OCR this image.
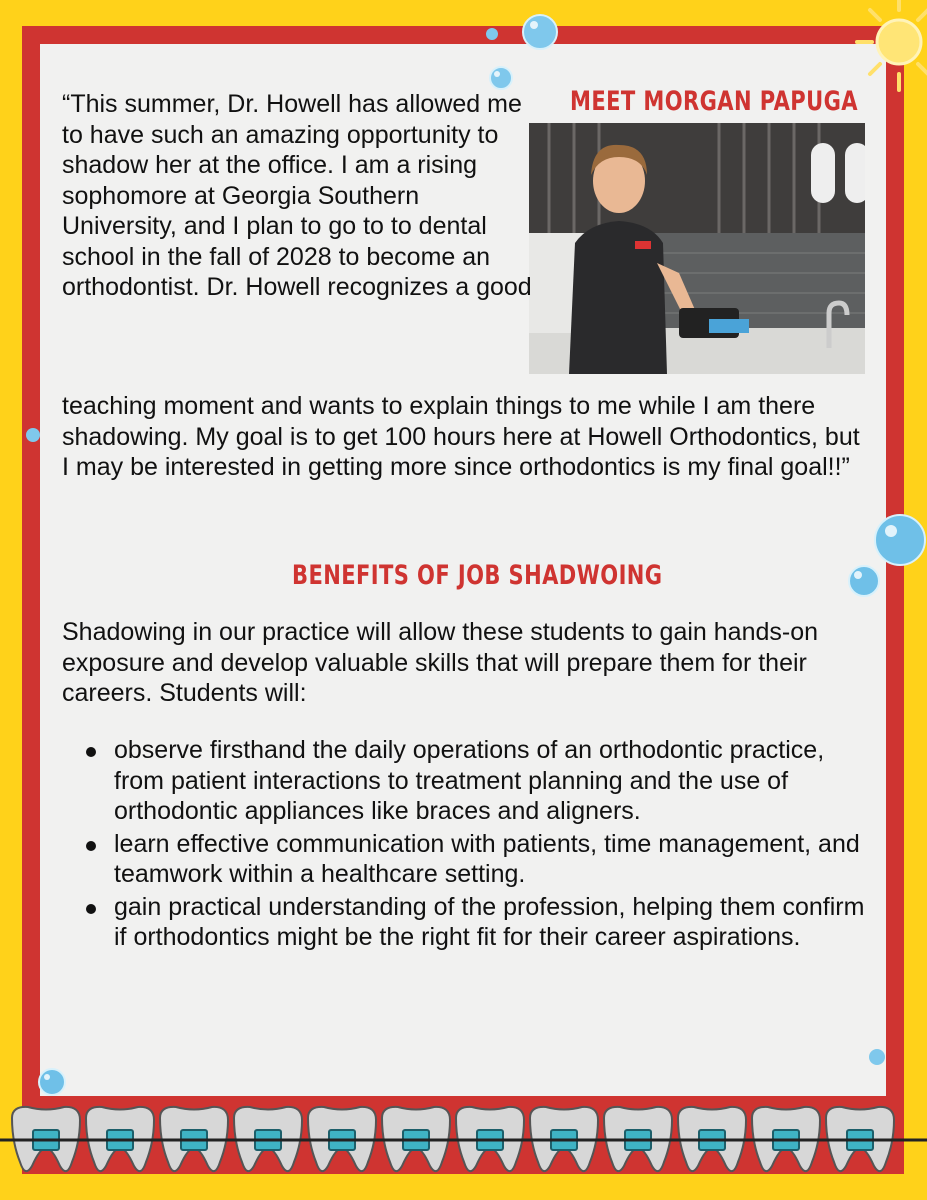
MEET MORGAN PAPUGA

“This summer, Dr. Howell has allowed me to have such an amazing opportunity to shadow her at the office. I am a rising sophomore at Georgia Southern University, and I plan to go to to dental school in the fall of 2028 to become an orthodontist. Dr. Howell recognizes a good

teaching moment and wants to explain things to me while I am there shadowing. My goal is to get 100 hours here at Howell Orthodontics, but I may be interested in getting more since orthodontics is my final goal!!”

BENEFITS OF JOB SHADWOING

Shadowing in our practice will allow these students to gain hands-on exposure and develop valuable skills that will prepare them for their careers. Students will:

observe firsthand the daily operations of an orthodontic practice, from patient interactions to treatment planning and the use of orthodontic appliances like braces and aligners.
learn effective communication with patients, time management, and teamwork within a healthcare setting.
gain practical understanding of the profession, helping them confirm if orthodontics might be the right fit for their career aspirations.
